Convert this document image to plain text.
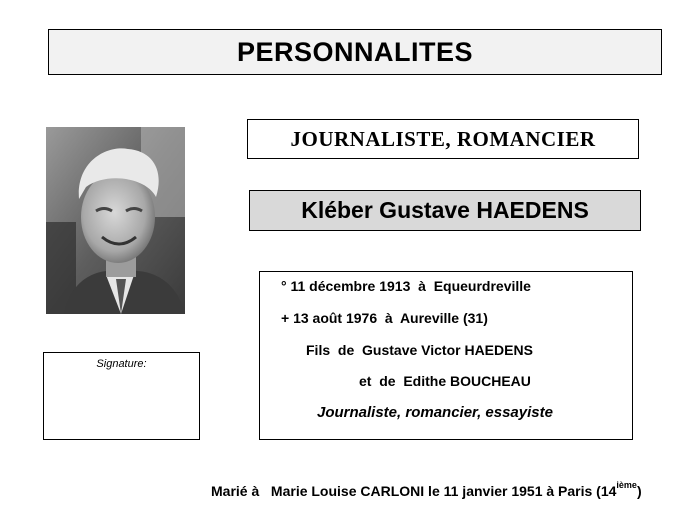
PERSONNALITES
JOURNALISTE, ROMANCIER
Kléber Gustave HAEDENS
Signature:
° 11 décembre 1913  à  Equeurdreville
+ 13 août 1976  à  Aureville (31)
Fils  de  Gustave Victor HAEDENS
et  de  Edithe BOUCHEAU
Journaliste, romancier, essayiste
Marié à   Marie Louise CARLONI le 11 janvier 1951 à Paris (14ième)
